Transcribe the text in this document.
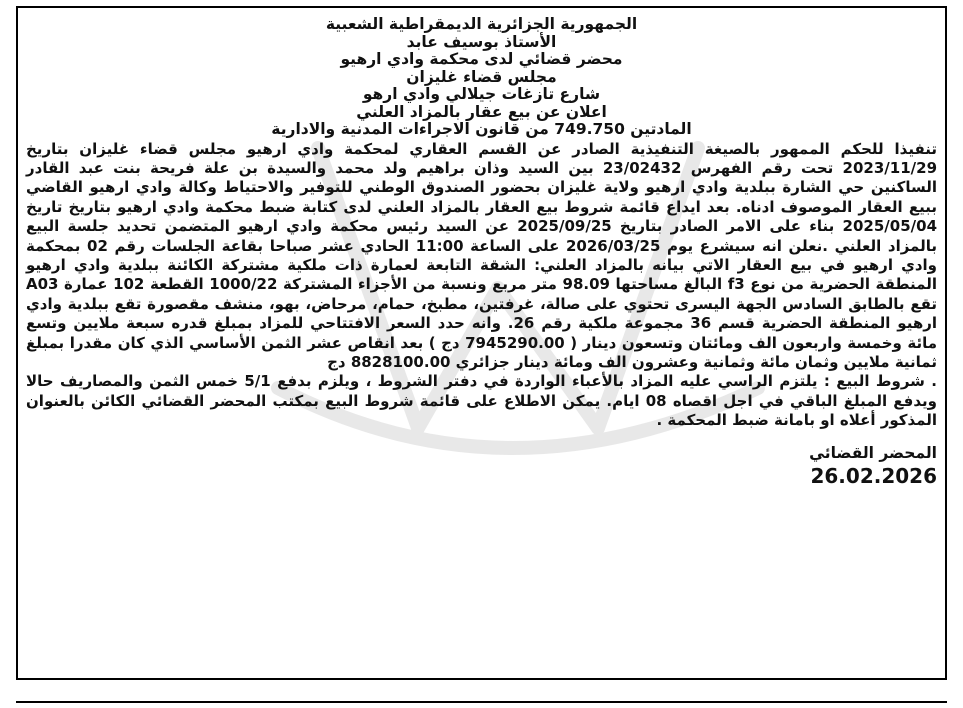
الجمهورية الجزائرية الديمقراطية الشعبية
الأستاذ بوسيف عابد
محضر قضائي لدى محكمة وادي ارهيو
مجلس قضاء غليزان
شارع تازغات جيلالي وادي ارهو
اعلان عن بيع عقار بالمزاد العلني
المادتين 749.750 من قانون الاجراءات المدنية والادارية

تنفيذا للحكم الممهور بالصيغة التنفيذية الصادر عن القسم العقاري لمحكمة وادي ارهيو مجلس قضاء غليزان بتاريخ 2023/11/29 تحت رقم الفهرس 23/02432 بين السيد وذان براهيم ولد محمد والسيدة بن علة فريحة بنت عبد القادر الساكنين حي الشارة ببلدية وادي ارهيو ولاية غليزان بحضور الصندوق الوطني للتوفير والاحتياط وكالة وادي ارهيو القاضي ببيع العقار الموصوف ادناه. بعد ايداع قائمة شروط بيع العقار بالمزاد العلني لدى كتابة ضبط محكمة وادي ارهيو بتاريخ تاريخ 2025/05/04 بناء على الامر الصادر بتاريخ 2025/09/25 عن السيد رئيس محكمة وادي ارهيو المتضمن تحديد جلسة البيع بالمزاد العلني .نعلن انه سيشرع يوم 2026/03/25 على الساعة 11:00 الحادي عشر صباحا بقاعة الجلسات رقم 02 بمحكمة وادي ارهيو في بيع العقار الاتي بيانه بالمزاد العلني: الشقة التابعة لعمارة ذات ملكية مشتركة الكائنة ببلدية وادي ارهيو المنطقة الحضرية من نوع f3 البالغ مساحتها 98.09 متر مربع ونسبة من الأجزاء المشتركة 1000/22 القطعة 102 عمارة A03 تقع بالطابق السادس الجهة اليسرى تحتوي على صالة، غرفتين، مطبخ، حمام، مرحاض، بهو، منشف مقصورة تقع ببلدية وادي ارهيو المنطقة الحضرية قسم 36 مجموعة ملكية رقم 26. وانه حدد السعر الافتتاحي للمزاد بمبلغ قدره سبعة ملايين وتسع مائة وخمسة واربعون الف ومائتان وتسعون دينار ( 7945290.00 دج ) بعد انقاص عشر الثمن الأساسي الذي كان مقدرا بمبلغ ثمانية ملايين وثمان مائة وثمانية وعشرون الف ومائة دينار جزائري 8828100.00 دج

. شروط البيع : يلتزم الراسي عليه المزاد بالأعباء الواردة في دفتر الشروط ، ويلزم بدفع 5/1 خمس الثمن والمصاريف حالا ويدفع المبلغ الباقي في اجل اقصاه 08 ايام. يمكن الاطلاع على قائمة شروط البيع بمكتب المحضر القضائي الكائن بالعنوان المذكور أعلاه او بامانة ضبط المحكمة .

المحضر القضائي
26.02.2026
